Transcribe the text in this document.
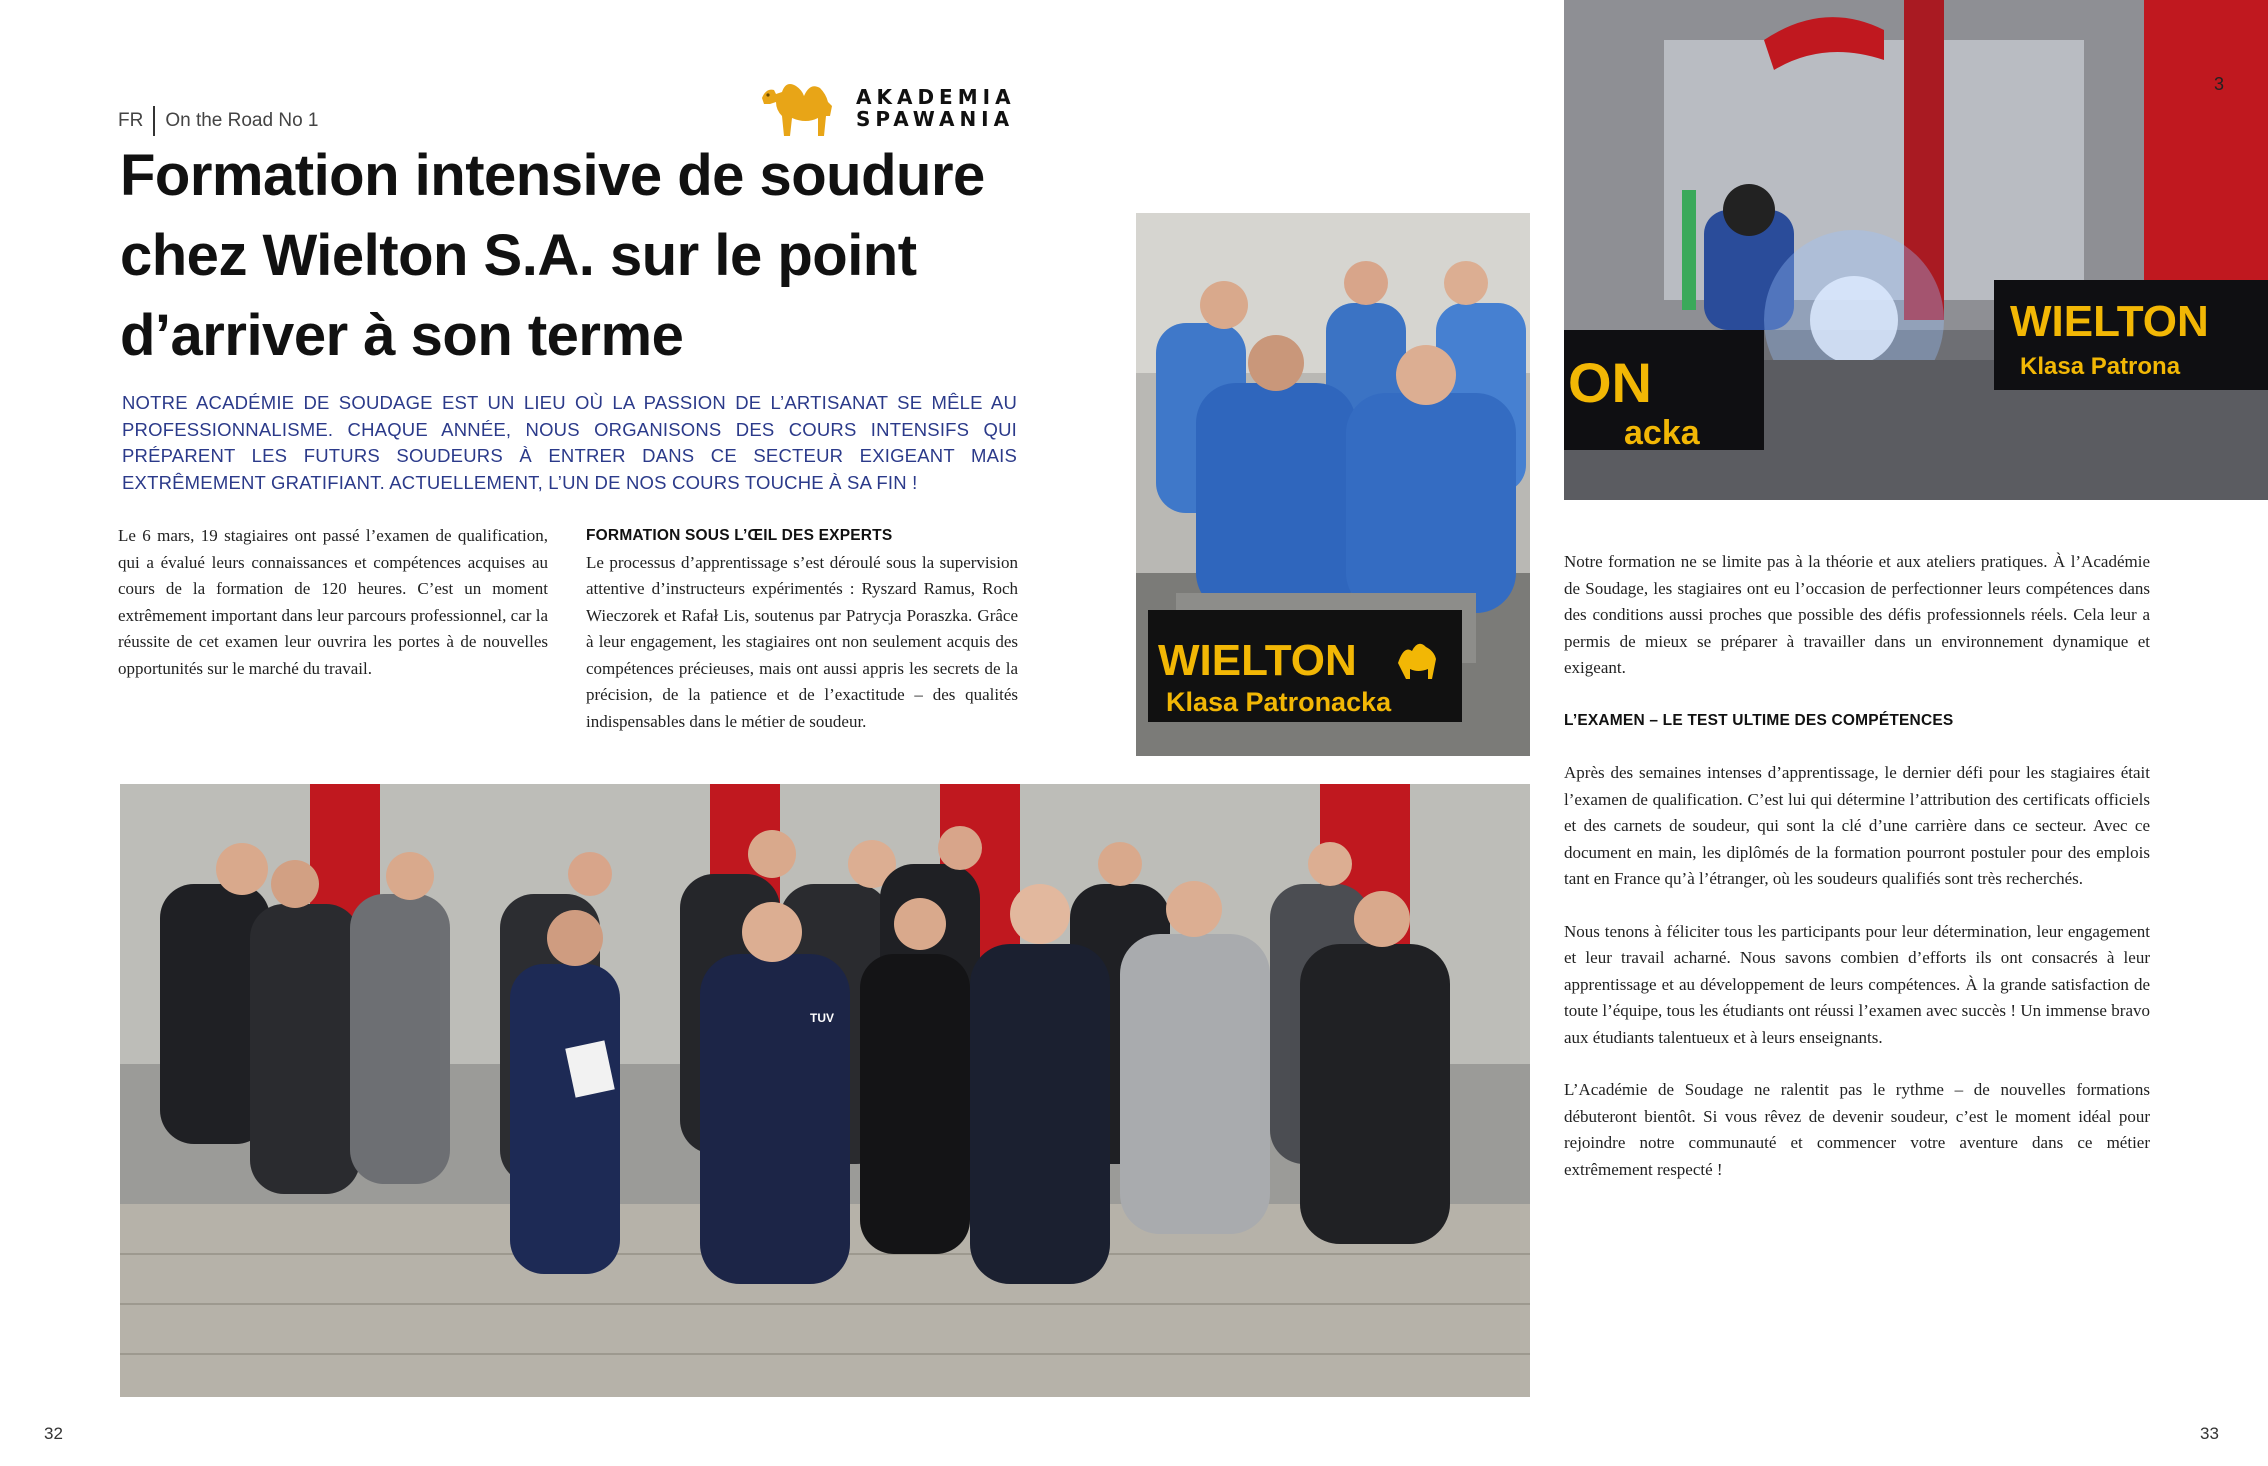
FR On the Road No 1
AKADEMIA
SPAWANIA
Formation intensive de soudure
chez Wielton S.A. sur le point
d’arriver à son terme
NOTRE ACADÉMIE DE SOUDAGE EST UN LIEU OÙ LA PASSION DE L’ARTISANAT SE MÊLE AU PROFESSIONNALISME. CHAQUE ANNÉE, NOUS ORGANISONS DES COURS INTENSIFS QUI PRÉPARENT LES FUTURS SOUDEURS À ENTRER DANS CE SECTEUR EXIGEANT MAIS EXTRÊMEMENT GRATIFIANT. ACTUELLEMENT, L’UN DE NOS COURS TOUCHE À SA FIN !

Le 6 mars, 19 stagiaires ont passé l’examen de qualification, qui a évalué leurs connaissances et compétences acquises au cours de la formation de 120 heures. C’est un moment extrêmement important dans leur parcours professionnel, car la réussite de cet examen leur ouvrira les portes à de nouvelles opportunités sur le marché du travail.

FORMATION SOUS L’ŒIL DES EXPERTS

Le processus d’apprentissage s’est déroulé sous la supervision attentive d’instructeurs expérimentés : Ryszard Ramus, Roch Wieczorek et Rafał Lis, soutenus par Patrycja Poraszka. Grâce à leur engagement, les stagiaires ont non seulement acquis des compétences précieuses, mais ont aussi appris les secrets de la précision, de la patience et de l’exactitude – des qualités indispensables dans le métier de soudeur.

Notre formation ne se limite pas à la théorie et aux ateliers pratiques. À l’Académie de Soudage, les stagiaires ont eu l’occasion de perfectionner leurs compétences dans des conditions aussi proches que possible des défis professionnels réels. Cela leur a permis de mieux se préparer à travailler dans un environnement dynamique et exigeant.

L’EXAMEN – LE TEST ULTIME DES COMPÉTENCES

Après des semaines intenses d’apprentissage, le dernier défi pour les stagiaires était l’examen de qualification. C’est lui qui détermine l’attribution des certificats officiels et des carnets de soudeur, qui sont la clé d’une carrière dans ce secteur. Avec ce document en main, les diplômés de la formation pourront postuler pour des emplois tant en France qu’à l’étranger, où les soudeurs qualifiés sont très recherchés.

Nous tenons à féliciter tous les participants pour leur détermination, leur engagement et leur travail acharné. Nous savons combien d’efforts ils ont consacrés à leur apprentissage et au développement de leurs compétences. À la grande satisfaction de toute l’équipe, tous les étudiants ont réussi l’examen avec succès ! Un immense bravo aux étudiants talentueux et à leurs enseignants.

L’Académie de Soudage ne ralentit pas le rythme – de nouvelles formations débuteront bientôt. Si vous rêvez de devenir soudeur, c’est le moment idéal pour rejoindre notre communauté et commencer votre aventure dans ce métier extrêmement respecté !

WIELTON
Klasa Patronacka
ON
acka
WIELTON
Klasa Patrona
3
TUV
32	33
